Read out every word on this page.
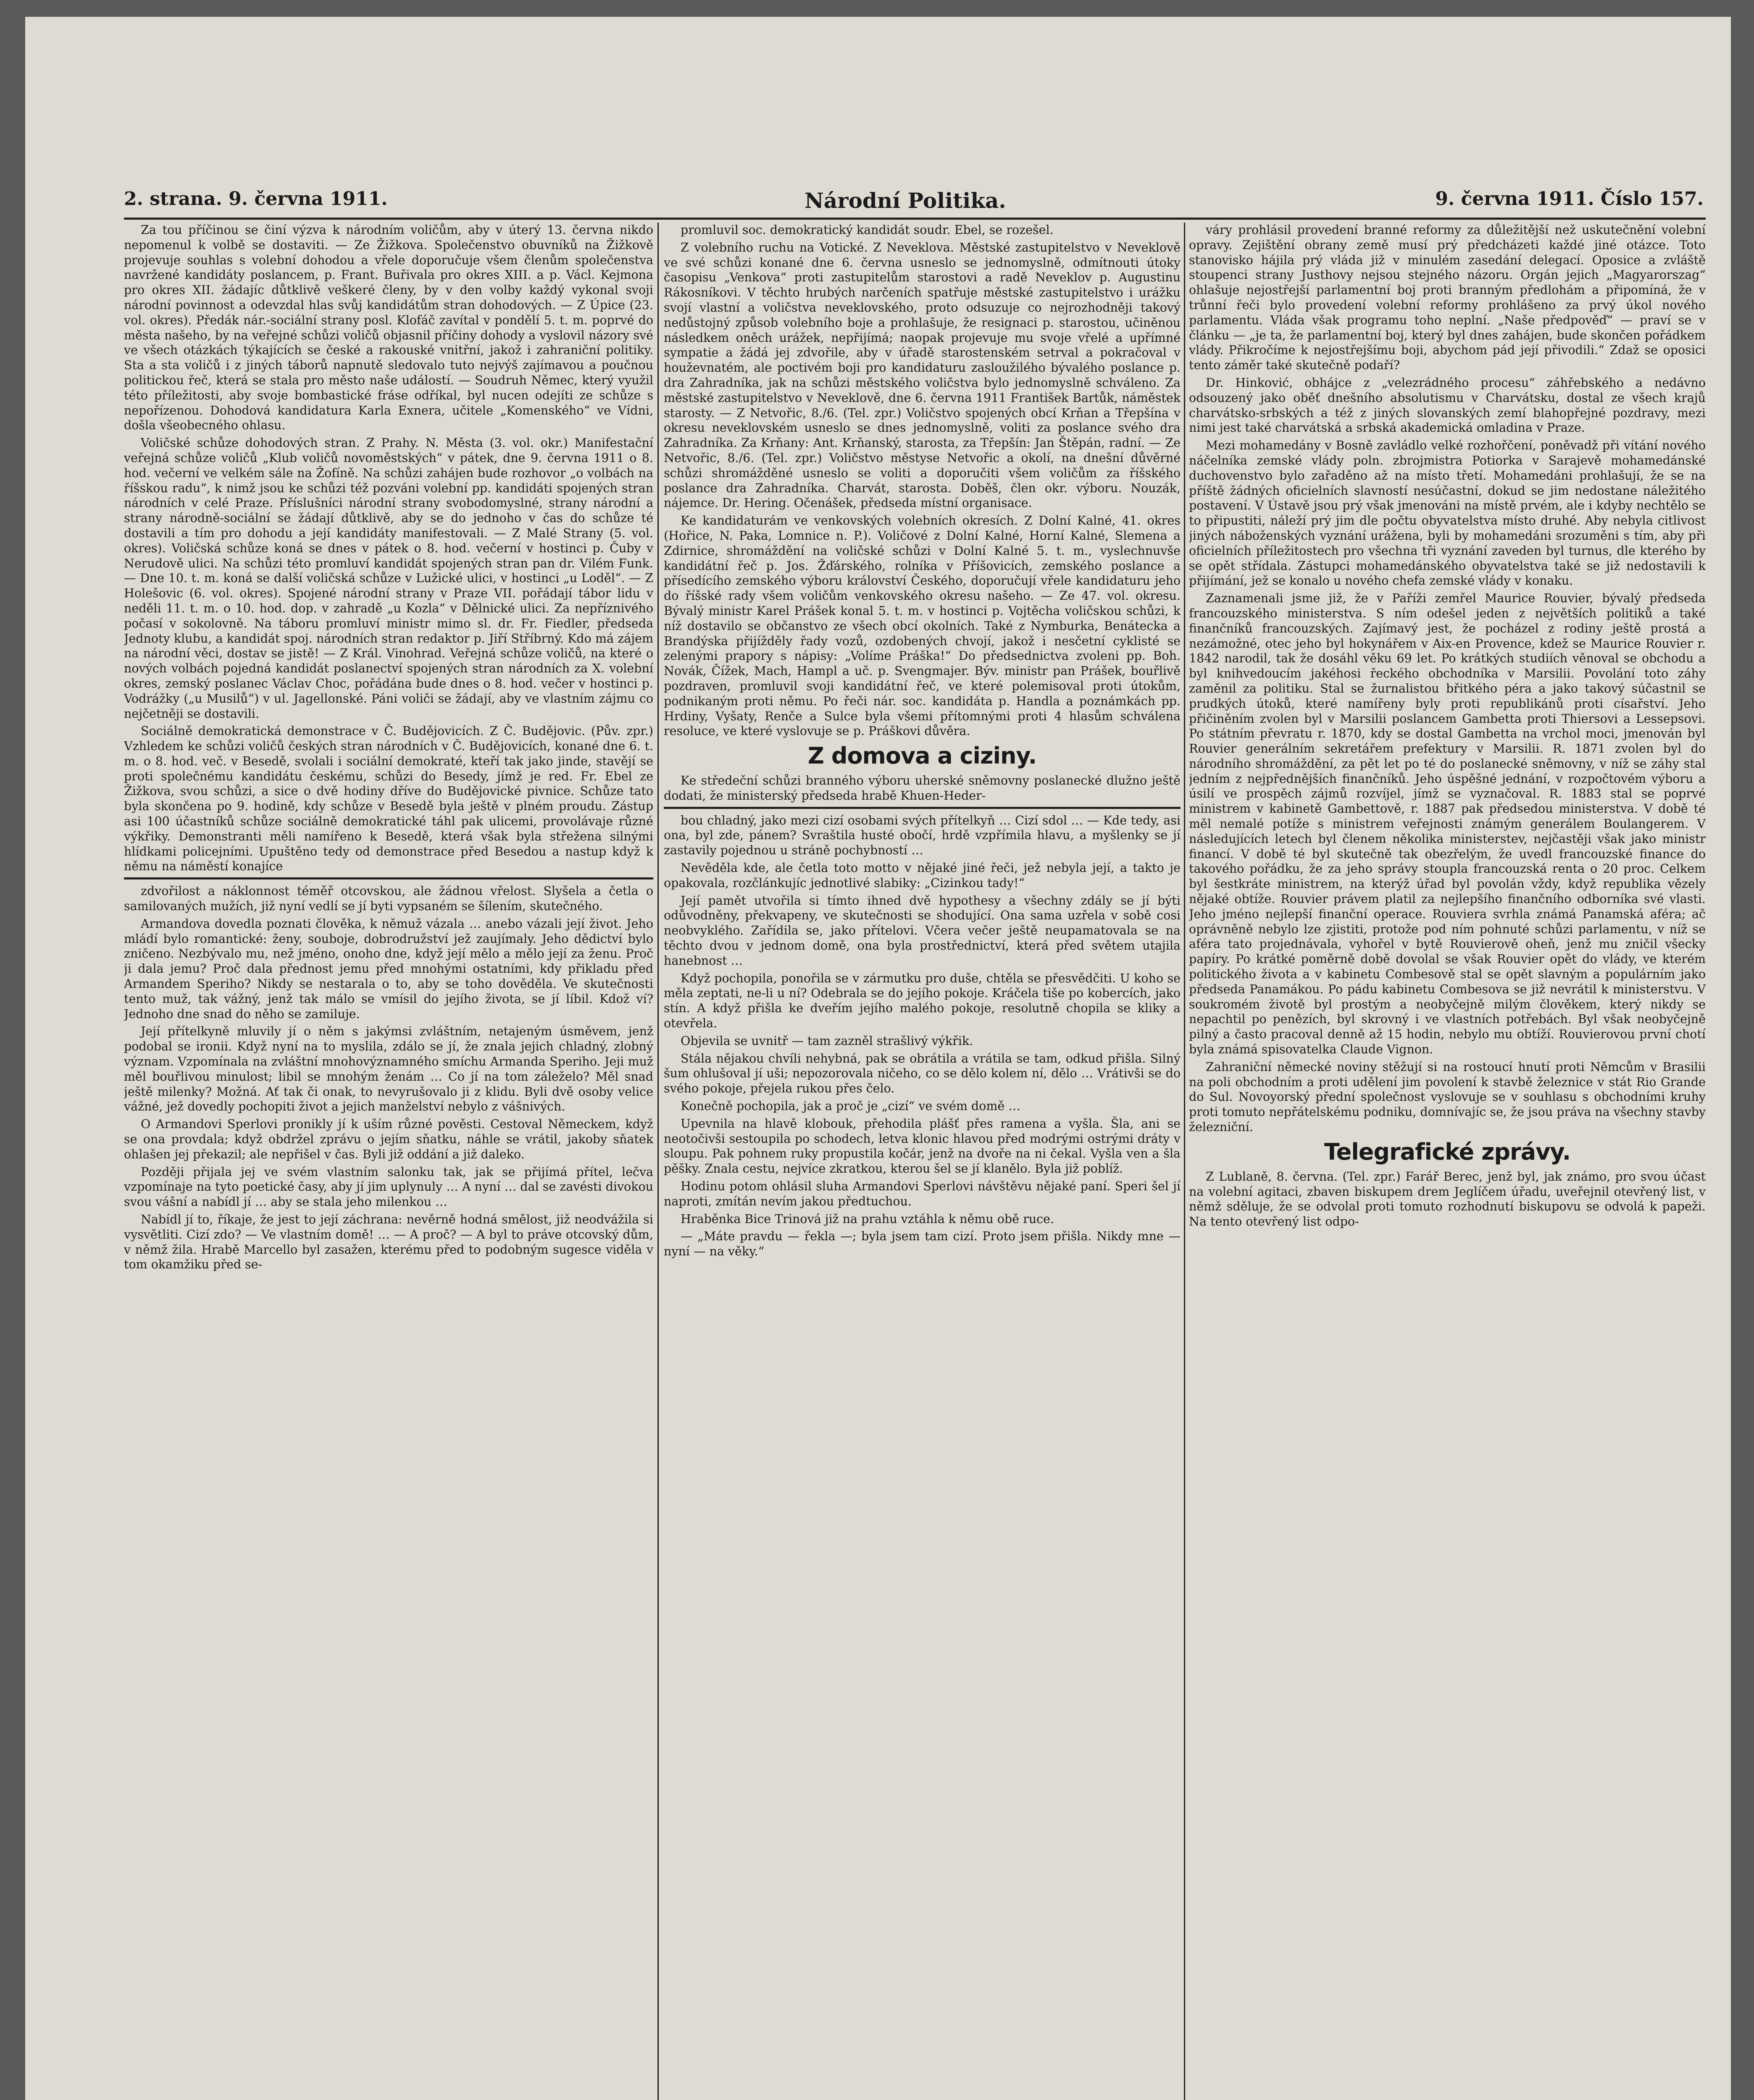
2. strana. 9. června 1911.	Národní Politika.	9. června 1911. Číslo 157.

Za tou příčinou se činí výzva k národním voličům, aby v úterý 13. června nikdo nepomenul k volbě se dostaviti. — Ze Žižkova. Společenstvo obuvníků na Žižkově projevuje souhlas s volební dohodou a vřele doporučuje všem členům společenstva navržené kandidáty poslancem, p. Frant. Buřivala pro okres XIII. a p. Václ. Kejmona pro okres XII. žádajíc důtklivě veškeré členy, by v den volby každý vykonal svoji národní povinnost a odevzdal hlas svůj kandidátům stran dohodových. — Z Úpice (23. vol. okres). Předák nár.-sociální strany posl. Klofáč zavítal v pondělí 5. t. m. poprvé do města našeho, by na veřejné schůzi voličů objasnil příčiny dohody a vyslovil názory své ve všech otázkách týkajících se české a rakouské vnitřní, jakož i zahraniční politiky. Sta a sta voličů i z jiných táborů napnutě sledovalo tuto nejvýš zajímavou a poučnou politickou řeč, která se stala pro město naše událostí. — Soudruh Němec, který využil této příležitosti, aby svoje bombastické fráse odříkal, byl nucen odejíti ze schůze s nepořízenou. Dohodová kandidatura Karla Exnera, učitele „Komenského“ ve Vídni, došla všeobecného ohlasu.

Voličské schůze dohodových stran. Z Prahy. N. Města (3. vol. okr.) Manifestační veřejná schůze voličů „Klub voličů novoměstských“ v pátek, dne 9. června 1911 o 8. hod. večerní ve velkém sále na Žofíně. Na schůzi zahájen bude rozhovor „o volbách na říšskou radu“, k nimž jsou ke schůzi též pozváni volební pp. kandidáti spojených stran národních v celé Praze. Příslušníci národní strany svobodomyslné, strany národní a strany národně-sociální se žádají důtklivě, aby se do jednoho v čas do schůze té dostavili a tím pro dohodu a její kandidáty manifestovali. — Z Malé Strany (5. vol. okres). Voličská schůze koná se dnes v pátek o 8. hod. večerní v hostinci p. Čuby v Nerudově ulici. Na schůzi této promluví kandidát spojených stran pan dr. Vilém Funk. — Dne 10. t. m. koná se další voličská schůze v Lužické ulici, v hostinci „u Loděl“. — Z Holešovic (6. vol. okres). Spojené národní strany v Praze VII. pořádají tábor lidu v neděli 11. t. m. o 10. hod. dop. v zahradě „u Kozla“ v Dělnické ulici. Za nepříznivého počasí v sokolovně. Na táboru promluví ministr mimo sl. dr. Fr. Fiedler, předseda Jednoty klubu, a kandidát spoj. národních stran redaktor p. Jiří Stříbrný. Kdo má zájem na národní věci, dostav se jistě! — Z Král. Vinohrad. Veřejná schůze voličů, na které o nových volbách pojedná kandidát poslanectví spojených stran národních za X. volební okres, zemský poslanec Václav Choc, pořádána bude dnes o 8. hod. večer v hostinci p. Vodrážky („u Musilů“) v ul. Jagellonské. Páni voliči se žádají, aby ve vlastním zájmu co nejčetněji se dostavili.

Sociálně demokratická demonstrace v Č. Budějovicích. Z Č. Budějovic. (Pův. zpr.) Vzhledem ke schůzi voličů českých stran národních v Č. Budějovicích, konané dne 6. t. m. o 8. hod. več. v Besedě, svolali i sociální demokraté, kteří tak jako jinde, stavějí se proti společnému kandidátu českému, schůzi do Besedy, jímž je red. Fr. Ebel ze Žižkova, svou schůzi, a sice o dvě hodiny dříve do Budějovické pivnice. Schůze tato byla skončena po 9. hodině, kdy schůze v Besedě byla ještě v plném proudu. Zástup asi 100 účastníků schůze sociálně demokratické táhl pak ulicemi, provolávaje různé výkřiky. Demonstranti měli namířeno k Besedě, která však byla střežena silnými hlídkami policejními. Upuštěno tedy od demonstrace před Besedou a nastup když k němu na náměstí konajíce

zdvořilost a náklonnost téměř otcovskou, ale žádnou vřelost. Slyšela a četla o samilovaných mužích, již nyní vedlí se jí byti vypsaném se šílením, skutečného.

Armandova dovedla poznati člověka, k němuž vázala … anebo vázali její život. Jeho mládí bylo romantické: ženy, souboje, dobrodružství jež zaujímaly. Jeho dědictví bylo zničeno. Nezbývalo mu, než jméno, onoho dne, když její mělo a mělo její za ženu. Proč ji dala jemu? Proč dala přednost jemu před mnohými ostatními, kdy přikladu před Armandem Speriho? Nikdy se nestarala o to, aby se toho dověděla. Ve skutečnosti tento muž, tak vážný, jenž tak málo se vmísil do jejího života, se jí líbil. Kdož ví? Jednoho dne snad do něho se zamiluje.

Její přítelkyně mluvily jí o něm s jakýmsi zvláštním, netajeným úsměvem, jenž podobal se ironii. Když nyní na to myslila, zdálo se jí, že znala jejich chladný, zlobný význam. Vzpomínala na zvláštní mnohovýznamného smíchu Armanda Speriho. Jeji muž měl bouřlivou minulost; libil se mnohým ženám … Co jí na tom záleželo? Měl snad ještě milenky? Možná. Ať tak či onak, to nevyrušovalo ji z klidu. Byli dvě osoby velice vážné, jež dovedly pochopiti život a jejich manželství nebylo z vášnivých.

O Armandovi Sperlovi pronikly jí k uším různé pověsti. Cestoval Německem, když se ona provdala; když obdržel zprávu o jejím sňatku, náhle se vrátil, jakoby sňatek ohlašen jej překazil; ale nepřišel v čas. Byli již oddání a již daleko.

Později přijala jej ve svém vlastním salonku tak, jak se přijímá přítel, lečva vzpomínaje na tyto poetické časy, aby jí jim uplynuly … A nyní … dal se zavésti divokou svou vášní a nabídl jí … aby se stala jeho milenkou …

Nabídl jí to, říkaje, že jest to její záchrana: nevěrně hodná smělost, již neodvážila si vysvětliti. Cizí zdo? — Ve vlastním domě! … — A proč? — A byl to práve otcovský dům, v němž žila. Hrabě Marcello byl zasažen, kterému před to podobným sugesce viděla v tom okamžiku před se-

promluvil soc. demokratický kandidát soudr. Ebel, se rozešel.

Z volebního ruchu na Votické. Z Neveklova. Městské zastupitelstvo v Neveklově ve své schůzi konané dne 6. června usneslo se jednomyslně, odmítnouti útoky časopisu „Venkova“ proti zastupitelům starostovi a radě Neveklov p. Augustinu Rákosníkovi. V těchto hrubých narčeních spatřuje městské zastupitelstvo i urážku svojí vlastní a voličstva neveklovského, proto odsuzuje co nejrozhodněji takový nedůstojný způsob volebního boje a prohlašuje, že resignaci p. starostou, učiněnou následkem oněch urážek, nepřijímá; naopak projevuje mu svoje vřelé a upřímné sympatie a žádá jej zdvořile, aby v úřadě starostenském setrval a pokračoval v houževnatém, ale poctivém boji pro kandidaturu zasloužilého bývalého poslance p. dra Zahradníka, jak na schůzi městského voličstva bylo jednomyslně schváleno. Za městské zastupitelstvo v Neveklově, dne 6. června 1911 František Bartůk, náměstek starosty. — Z Netvořic, 8./6. (Tel. zpr.) Voličstvo spojených obcí Krňan a Třepšína v okresu neveklovském usneslo se dnes jednomyslně, voliti za poslance svého dra Zahradníka. Za Krňany: Ant. Krňanský, starosta, za Třepšín: Jan Štěpán, radní. — Ze Netvořic, 8./6. (Tel. zpr.) Voličstvo městyse Netvořic a okolí, na dnešní důvěrné schůzi shromážděné usneslo se voliti a doporučiti všem voličům za říšského poslance dra Zahradníka. Charvát, starosta. Doběš, člen okr. výboru. Nouzák, nájemce. Dr. Hering. Očenášek, předseda místní organisace.

Ke kandidaturám ve venkovských volebních okresích. Z Dolní Kalné, 41. okres (Hořice, N. Paka, Lomnice n. P.). Voličové z Dolní Kalné, Horní Kalné, Slemena a Zdirnice, shromáždění na voličské schůzi v Dolní Kalné 5. t. m., vyslechnuvše kandidátní řeč p. Jos. Žďárského, rolníka v Příšovicích, zemského poslance a přísedícího zemského výboru království Českého, doporučují vřele kandidaturu jeho do říšské rady všem voličům venkovského okresu našeho. — Ze 47. vol. okresu. Bývalý ministr Karel Prášek konal 5. t. m. v hostinci p. Vojtěcha voličskou schůzi, k níž dostavilo se občanstvo ze všech obcí okolních. Také z Nymburka, Benátecka a Brandýska přijížděly řady vozů, ozdobených chvojí, jakož i nesčetní cyklisté se zelenými prapory s nápisy: „Volíme Práška!“ Do předsednictva zvoleni pp. Boh. Novák, Čížek, Mach, Hampl a uč. p. Svengmajer. Býv. ministr pan Prášek, bouřlivě pozdraven, promluvil svoji kandidátní řeč, ve které polemisoval proti útokům, podnikaným proti němu. Po řeči nár. soc. kandidáta p. Handla a poznámkách pp. Hrdiny, Vyšaty, Renče a Sulce byla všemi přítomnými proti 4 hlasům schválena resoluce, ve které vyslovuje se p. Práškovi důvěra.

Z domova a ciziny.

Ke středeční schůzi branného výboru uherské sněmovny poslanecké dlužno ještě dodati, že ministerský předseda hrabě Khuen-Heder-

bou chladný, jako mezi cizí osobami svých přítelkyň … Cizí sdol … — Kde tedy, asi ona, byl zde, pánem? Svraštila husté obočí, hrdě vzpřímila hlavu, a myšlenky se jí zastavily pojednou u stráně pochybností …

Nevěděla kde, ale četla toto motto v nějaké jiné řeči, jež nebyla její, a takto je opakovala, rozčlánkujíc jednotlivé slabiky: „Cizinkou tady!“

Její pamět utvořila si tímto ihned dvě hypothesy a všechny zdály se jí býti odůvodněny, překvapeny, ve skutečnosti se shodující. Ona sama uzřela v sobě cosi neobvyklého. Zařídila se, jako přítelovi. Včera večer ještě neupamatovala se na těchto dvou v jednom domě, ona byla prostřednictví, která před světem utajila hanebnost …

Když pochopila, ponořila se v zármutku pro duše, chtěla se přesvědčiti. U koho se měla zeptati, ne-li u ní? Odebrala se do jejího pokoje. Kráčela tiše po kobercích, jako stín. A když přišla ke dveřím jejího malého pokoje, resolutně chopila se kliky a otevřela.

Objevila se uvnitř — tam zazněl strašlivý výkřik.

Stála nějakou chvíli nehybná, pak se obrátila a vrátila se tam, odkud přišla. Silný šum ohlušoval jí uši; nepozorovala ničeho, co se dělo kolem ní, dělo … Vrátivši se do svého pokoje, přejela rukou přes čelo.

Konečně pochopila, jak a proč je „cizí“ ve svém domě …

Upevnila na hlavě klobouk, přehodila plášť přes ramena a vyšla. Šla, ani se neotočivši sestoupila po schodech, letva klonic hlavou před modrými ostrými dráty v sloupu. Pak pohnem ruky propustila kočár, jenž na dvoře na ni čekal. Vyšla ven a šla pěšky. Znala cestu, nejvíce zkratkou, kterou šel se jí klanělo. Byla již poblíž.

Hodinu potom ohlásil sluha Armandovi Sperlovi návštěvu nějaké paní. Speri šel jí naproti, zmítán nevím jakou předtuchou.

Hraběnka Bice Trinová již na prahu vztáhla k němu obě ruce.

— „Máte pravdu — řekla —; byla jsem tam cizí. Proto jsem přišla. Nikdy mne — nyní — na věky.“

váry prohlásil provedení branné reformy za důležitější než uskutečnění volební opravy. Zejištění obrany země musí prý předcházeti každé jiné otázce. Toto stanovisko hájila prý vláda již v minulém zasedání delegací. Oposice a zvláště stoupenci strany Justhovy nejsou stejného názoru. Orgán jejich „Magyarorszag“ ohlašuje nejostřejší parlamentní boj proti branným předlohám a připomíná, že v trůnní řeči bylo provedení volební reformy prohlášeno za prvý úkol nového parlamentu. Vláda však programu toho neplní. „Naše předpověď“ — praví se v článku — „je ta, že parlamentní boj, který byl dnes zahájen, bude skončen pořádkem vlády. Přikročíme k nejostřejšímu boji, abychom pád její přivodili.“ Zdaž se oposici tento záměr také skutečně podaří?

Dr. Hinković, obhájce z „velezrádného procesu“ záhřebského a nedávno odsouzený jako oběť dnešního absolutismu v Charvátsku, dostal ze všech krajů charvátsko-srbských a též z jiných slovanských zemí blahopřejné pozdravy, mezi nimi jest také charvátská a srbská akademická omladina v Praze.

Mezi mohamedány v Bosně zavládlo velké rozhořčení, poněvadž při vítání nového náčelníka zemské vlády poln. zbrojmistra Potiorka v Sarajevě mohamedánské duchovenstvo bylo zařaděno až na místo třetí. Mohamedáni prohlašují, že se na příště žádných oficielních slavností nesúčastní, dokud se jim nedostane náležitého postavení. V Ústavě jsou prý však jmenováni na místě prvém, ale i kdyby nechtělo se to připustiti, náleží prý jim dle počtu obyvatelstva místo druhé. Aby nebyla citlivost jiných náboženských vyznání urážena, byli by mohamedáni srozuměni s tím, aby při oficielních příležitostech pro všechna tři vyznání zaveden byl turnus, dle kterého by se opět střídala. Zástupci mohamedánského obyvatelstva také se již nedostavili k přijímání, jež se konalo u nového chefa zemské vlády v konaku.

Zaznamenali jsme již, že v Paříži zemřel Maurice Rouvier, bývalý předseda francouzského ministerstva. S ním odešel jeden z největších politiků a také finančníků francouzských. Zajímavý jest, že pocházel z rodiny ještě prostá a nezámožné, otec jeho byl hokynářem v Aix-en Provence, kdež se Maurice Rouvier r. 1842 narodil, tak že dosáhl věku 69 let. Po krátkých studiích věnoval se obchodu a byl knihvedoucím jakéhosi řeckého obchodníka v Marsilii. Povolání toto záhy zaměnil za politiku. Stal se žurnalistou břitkého péra a jako takový súčastnil se prudkých útoků, které namířeny byly proti republikánů proti císařství. Jeho přičiněním zvolen byl v Marsilii poslancem Gambetta proti Thiersovi a Lessepsovi. Po státním převratu r. 1870, kdy se dostal Gambetta na vrchol moci, jmenován byl Rouvier generálním sekretářem prefektury v Marsilii. R. 1871 zvolen byl do národního shromáždění, za pět let po té do poslanecké sněmovny, v níž se záhy stal jedním z nejpřednějších finančníků. Jeho úspěšné jednání, v rozpočtovém výboru a úsilí ve prospěch zájmů rozvíjel, jímž se vyznačoval. R. 1883 stal se poprvé ministrem v kabinetě Gambettově, r. 1887 pak předsedou ministerstva. V době té měl nemalé potíže s ministrem veřejnosti známým generálem Boulangerem. V následujících letech byl členem několika ministerstev, nejčastěji však jako ministr financí. V době té byl skutečně tak obezřelým, že uvedl francouzské finance do takového pořádku, že za jeho správy stoupla francouzská renta o 20 proc. Celkem byl šestkráte ministrem, na kterýž úřad byl povolán vždy, když republika vězely nějaké obtíže. Rouvier právem platil za nejlepšího finančního odborníka své vlasti. Jeho jméno nejlepší finanční operace. Rouviera svrhla známá Panamská aféra; ač oprávněně nebylo lze zjistiti, protože pod ním pohnuté schůzi parlamentu, v níž se aféra tato projednávala, vyhořel v bytě Rouvierově oheň, jenž mu zničil všecky papíry. Po krátké poměrně době dovolal se však Rouvier opět do vlády, ve kterém politického života a v kabinetu Combesově stal se opět slavným a populárním jako předseda Panamákou. Po pádu kabinetu Combesova se již nevrátil k ministerstvu. V soukromém životě byl prostým a neobyčejně milým člověkem, který nikdy se nepachtil po penězích, byl skrovný i ve vlastních potřebách. Byl však neobyčejně pilný a často pracoval denně až 15 hodin, nebylo mu obtíží. Rouvierovou první chotí byla známá spisovatelka Claude Vignon.

Zahraniční německé noviny stěžují si na rostoucí hnutí proti Němcům v Brasilii na poli obchodním a proti udělení jim povolení k stavbě železnice v stát Rio Grande do Sul. Novoyorský přední společnost vyslovuje se v souhlasu s obchodními kruhy proti tomuto nepřátelskému podniku, domnívajíc se, že jsou práva na všechny stavby železniční.

Telegrafické zprávy.

Z Lublaně, 8. června. (Tel. zpr.) Farář Berec, jenž byl, jak známo, pro svou účast na volební agitaci, zbaven biskupem drem Jeglíčem úřadu, uveřejnil otevřený list, v němž sděluje, že se odvolal proti tomuto rozhodnutí biskupovu se odvolá k papeži. Na tento otevřený list odpo-
